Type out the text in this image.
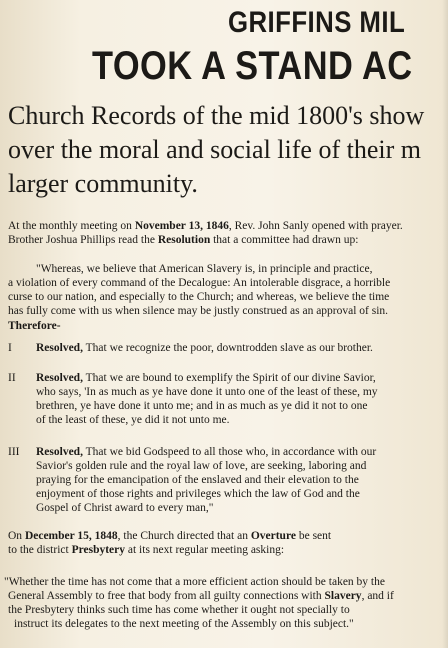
GRIFFINS MIL
TOOK A STAND AC
Church Records of the mid 1800's show
over the moral and social life of their m
larger community.
At the monthly meeting on November 13, 1846, Rev. John Sanly opened with prayer.
Brother Joshua Phillips read the Resolution that a committee had drawn up:
"Whereas, we believe that American Slavery is, in principle and practice,
a violation of every command of the Decalogue: An intolerable disgrace, a horrible
curse to our nation, and especially to the Church; and whereas, we believe the time
has fully come with us when silence may be justly construed as an approval of sin.
Therefore-
I Resolved, That we recognize the poor, downtrodden slave as our brother.
II Resolved, That we are bound to exemplify the Spirit of our divine Savior,
who says, 'In as much as ye have done it unto one of the least of these, my
brethren, ye have done it unto me; and in as much as ye did it not to one
of the least of these, ye did it not unto me.
III Resolved, That we bid Godspeed to all those who, in accordance with our
Savior's golden rule and the royal law of love, are seeking, laboring and
praying for the emancipation of the enslaved and their elevation to the
enjoyment of those rights and privileges which the law of God and the
Gospel of Christ award to every man,"
On December 15, 1848, the Church directed that an Overture be sent
to the district Presbytery at its next regular meeting asking:
"Whether the time has not come that a more efficient action should be taken by the
General Assembly to free that body from all guilty connections with Slavery, and if
the Presbytery thinks such time has come whether it ought not specially to
instruct its delegates to the next meeting of the Assembly on this subject."
